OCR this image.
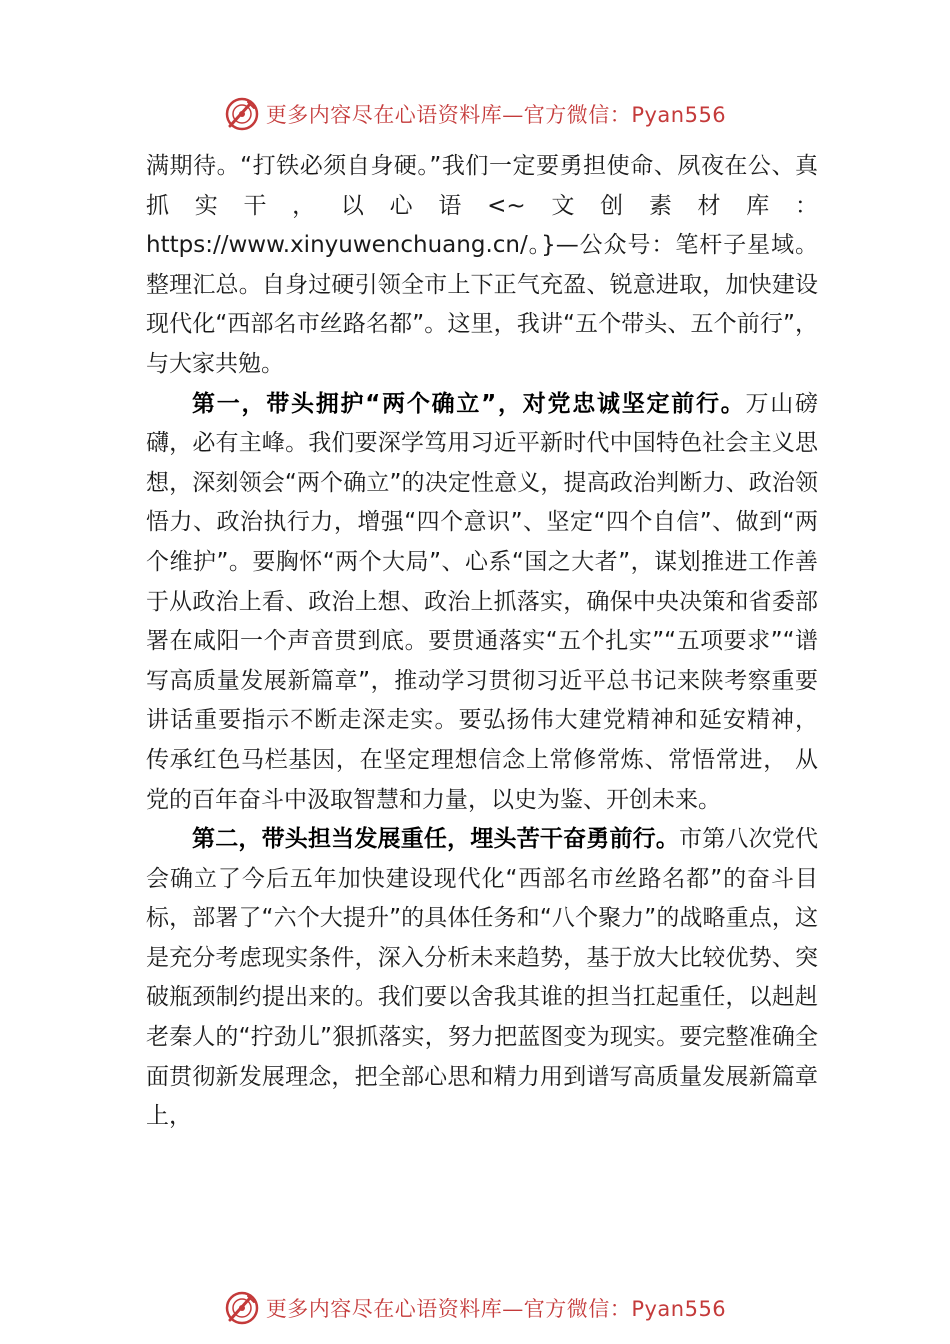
更多内容尽在心语资料库—官方微信：Pyan556

满期待。“打铁必须自身硬。”我们一定要勇担使命、夙夜在公、真抓实干，以心语<~文创素材库：https://www.xinyuwenchuang.cn/。}—公众号：笔杆子星域。整理汇总。自身过硬引领全市上下正气充盈、锐意进取，加快建设现代化“西部名市丝路名都”。这里，我讲“五个带头、五个前行”，与大家共勉。

第一，带头拥护“两个确立”，对党忠诚坚定前行。万山磅礴，必有主峰。我们要深学笃用习近平新时代中国特色社会主义思想，深刻领会“两个确立”的决定性意义，提高政治判断力、政治领悟力、政治执行力，增强“四个意识”、坚定“四个自信”、做到“两个维护”。要胸怀“两个大局”、心系“国之大者”，谋划推进工作善于从政治上看、政治上想、政治上抓落实，确保中央决策和省委部署在咸阳一个声音贯到底。要贯通落实“五个扎实”“五项要求”“谱写高质量发展新篇章”，推动学习贯彻习近平总书记来陕考察重要讲话重要指示不断走深走实。要弘扬伟大建党精神和延安精神， 传承红色马栏基因，在坚定理想信念上常修常炼、常悟常进， 从党的百年奋斗中汲取智慧和力量，以史为鉴、开创未来。

第二，带头担当发展重任，埋头苦干奋勇前行。市第八次党代会确立了今后五年加快建设现代化“西部名市丝路名都”的奋斗目标，部署了“六个大提升”的具体任务和“八个聚力”的战略重点，这是充分考虑现实条件，深入分析未来趋势，基于放大比较优势、突破瓶颈制约提出来的。我们要以舍我其谁的担当扛起重任，以赳赳老秦人的“拧劲儿”狠抓落实，努力把蓝图变为现实。要完整准确全面贯彻新发展理念，把全部心思和精力用到谱写高质量发展新篇章上，

更多内容尽在心语资料库—官方微信：Pyan556
